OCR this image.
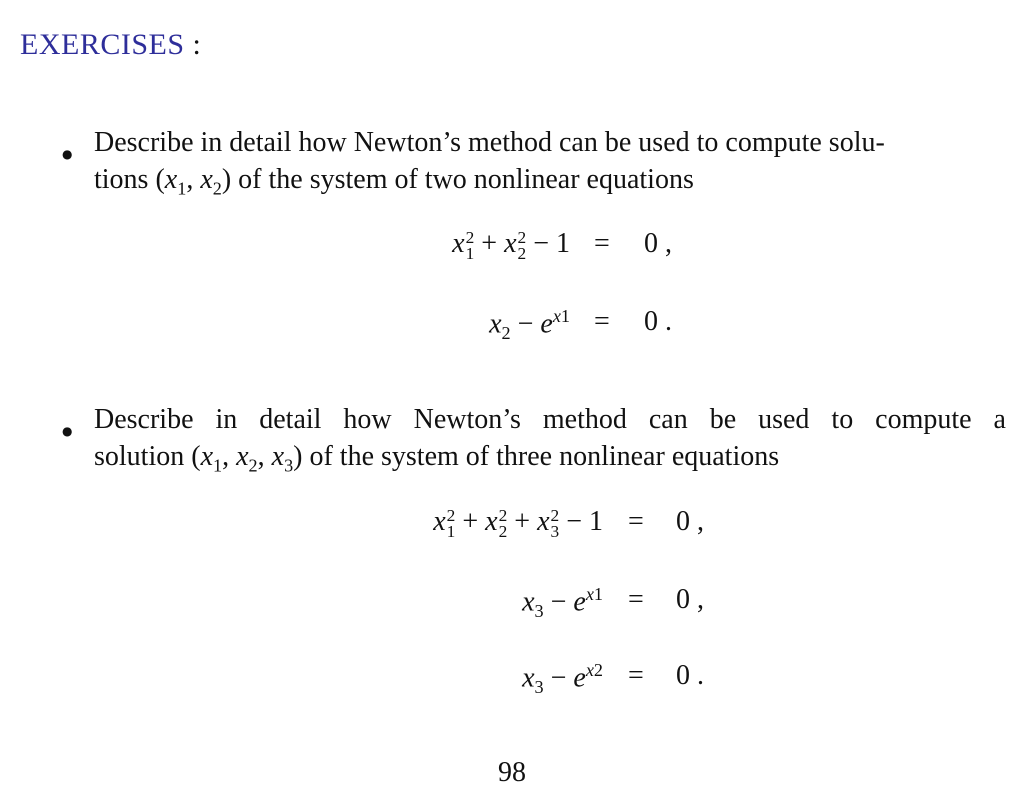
EXERCISES :
● Describe in detail how Newton’s method can be used to compute solu-
tions ($x_1$, $x_2$) of the system of two nonlinear equations
x 2
1 + x 2
2 − 1 = 0 ,
$x_2 - e^{x1} = 0$ .
● Describe in detail how Newton’s method can be used to compute a
solution ($x_1$, $x_2$, $x_3$) of the system of three nonlinear equations
x 2
1 + x 2
2 + x 2
3 − 1 = 0 ,
$x_3 - e^{x1} = 0$ ,
$x_3 - e^{x2} = 0$ .
98
